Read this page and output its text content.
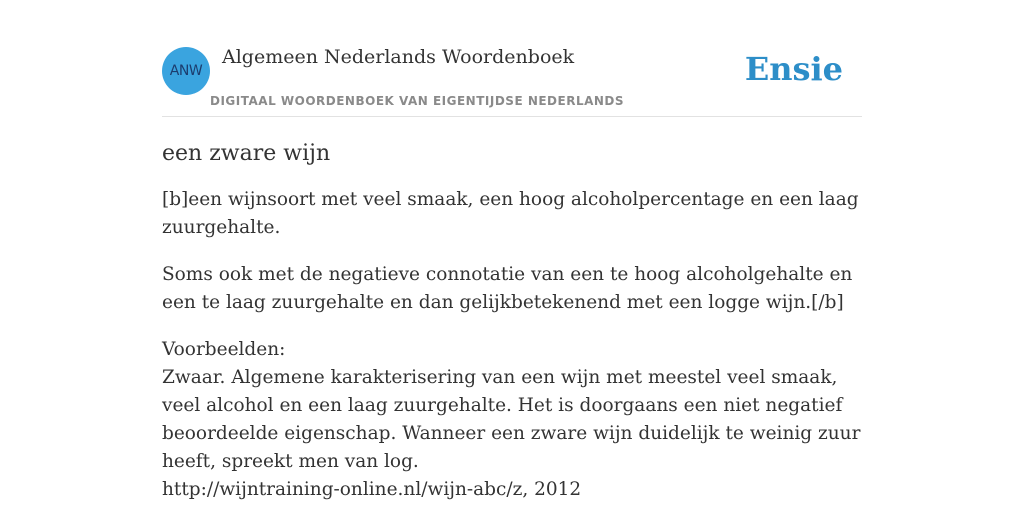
ANW
Algemeen Nederlands Woordenboek
DIGITAAL WOORDENBOEK VAN EIGENTIJDSE NEDERLANDS
Ensie
een zware wijn

[b]een wijnsoort met veel smaak, een hoog alcoholpercentage en een laag zuurgehalte.

Soms ook met de negatieve connotatie van een te hoog alcoholgehalte en een te laag zuurgehalte en dan gelijkbetekenend met een logge wijn.[/b]

Voorbeelden:
Zwaar. Algemene karakterisering van een wijn met meestel veel smaak, veel alcohol en een laag zuurgehalte. Het is doorgaans een niet negatief beoordeelde eigenschap. Wanneer een zware wijn duidelijk te weinig zuur heeft, spreekt men van log.
http://wijntraining-online.nl/wijn-abc/z, 2012
